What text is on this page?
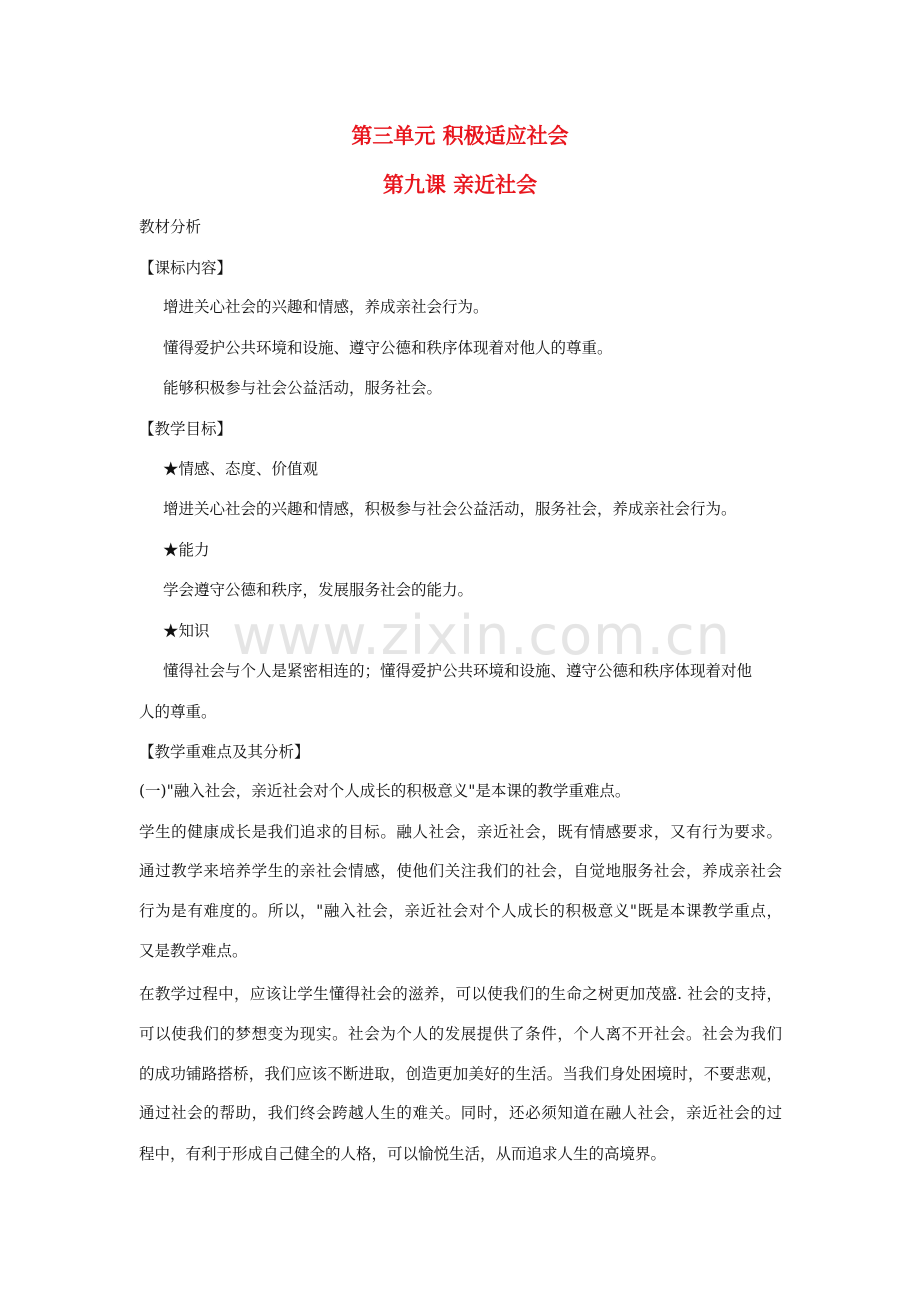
第三单元 积极适应社会
第九课 亲近社会

教材分析

【课标内容】

增进关心社会的兴趣和情感，养成亲社会行为。

懂得爱护公共环境和设施、遵守公德和秩序体现着对他人的尊重。

能够积极参与社会公益活动，服务社会。

【教学目标】

★情感、态度、价值观

增进关心社会的兴趣和情感，积极参与社会公益活动，服务社会，养成亲社会行为。

★能力

学会遵守公德和秩序，发展服务社会的能力。

★知识

懂得社会与个人是紧密相连的；懂得爱护公共环境和设施、遵守公德和秩序体现着对他

人的尊重。

【教学重难点及其分析】

(一)"融入社会，亲近社会对个人成长的积极意义"是本课的教学重难点。

学生的健康成长是我们追求的目标。融人社会，亲近社会，既有情感要求，又有行为要求。

通过教学来培养学生的亲社会情感，使他们关注我们的社会，自觉地服务社会，养成亲社会

行为是有难度的。所以，"融入社会，亲近社会对个人成长的积极意义"既是本课教学重点，

又是教学难点。

在教学过程中，应该让学生懂得社会的滋养，可以使我们的生命之树更加茂盛. 社会的支持，

可以使我们的梦想变为现实。社会为个人的发展提供了条件，个人离不开社会。社会为我们

的成功铺路搭桥，我们应该不断进取，创造更加美好的生活。当我们身处困境时，不要悲观，

通过社会的帮助，我们终会跨越人生的难关。同时，还必须知道在融人社会，亲近社会的过

程中，有利于形成自己健全的人格，可以愉悦生活，从而追求人生的高境界。

www.zixin.com.cn
